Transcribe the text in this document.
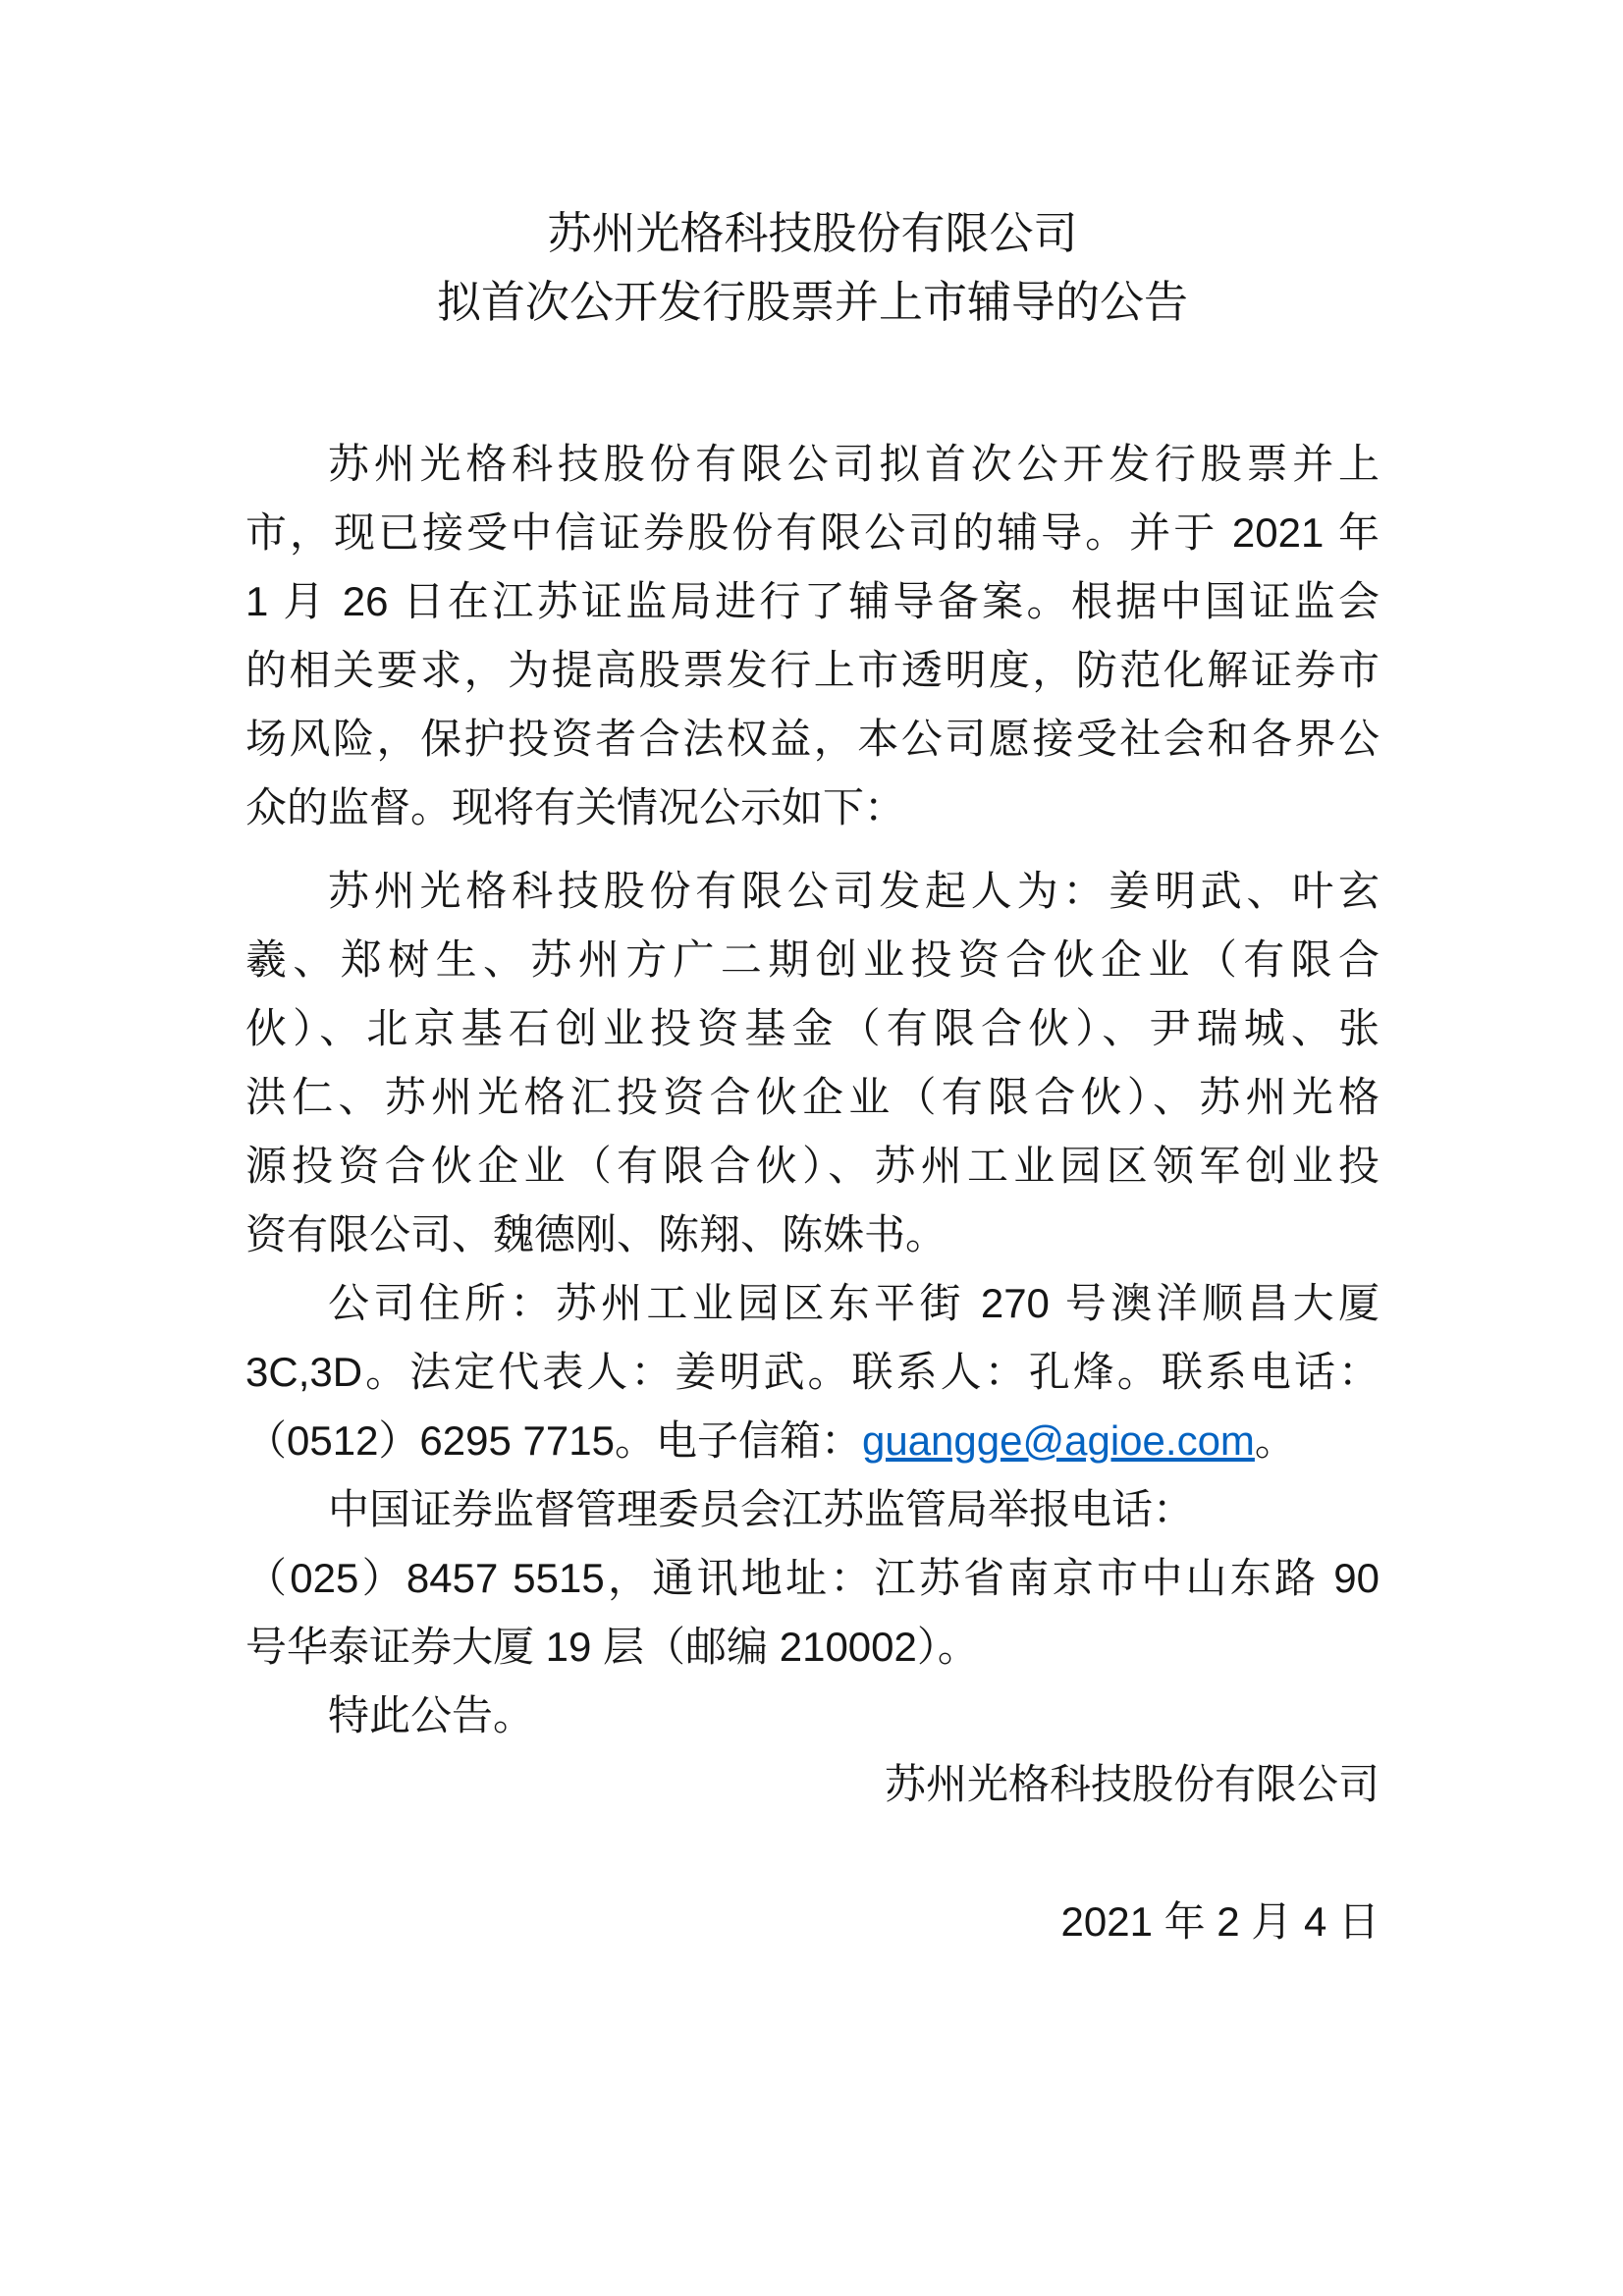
苏州光格科技股份有限公司
拟首次公开发行股票并上市辅导的公告
苏州光格科技股份有限公司拟首次公开发行股票并上
市，现已接受中信证券股份有限公司的辅导。并于 2021 年
1 月 26 日在江苏证监局进行了辅导备案。根据中国证监会
的相关要求，为提高股票发行上市透明度，防范化解证券市
场风险，保护投资者合法权益，本公司愿接受社会和各界公
众的监督。现将有关情况公示如下：
苏州光格科技股份有限公司发起人为：姜明武、叶玄
羲、郑树生、苏州方广二期创业投资合伙企业（有限合
伙）、北京基石创业投资基金（有限合伙）、尹瑞城、张
洪仁、苏州光格汇投资合伙企业（有限合伙）、苏州光格
源投资合伙企业（有限合伙）、苏州工业园区领军创业投
资有限公司、魏德刚、陈翔、陈姝书。
公司住所：苏州工业园区东平街 270 号澳洋顺昌大厦
3C,3D。法定代表人：姜明武。联系人：孔烽。联系电话：
（0512）6295 7715。电子信箱：guangge@agioe.com。
中国证券监督管理委员会江苏监管局举报电话：
（025）8457 5515，通讯地址：江苏省南京市中山东路 90
号华泰证券大厦 19 层（邮编 210002）。
特此公告。
苏州光格科技股份有限公司
2021 年 2 月 4 日
